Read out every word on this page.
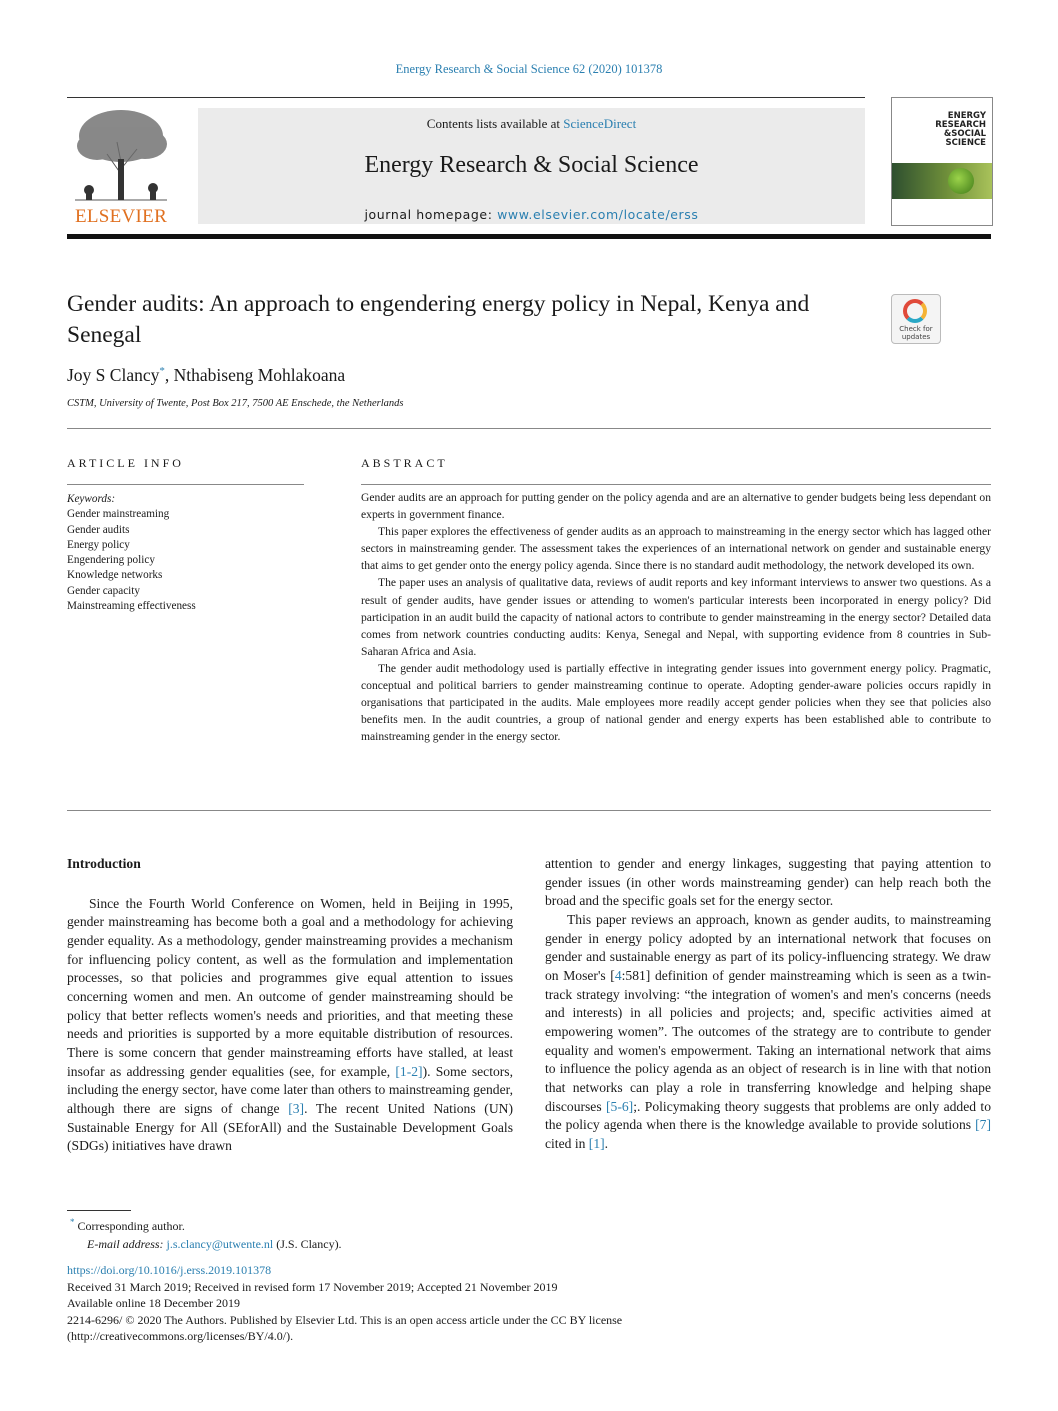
Energy Research & Social Science 62 (2020) 101378
ELSEVIER
Contents lists available at ScienceDirect
Energy Research & Social Science
journal homepage: www.elsevier.com/locate/erss
ENERGY
RESEARCH
&SOCIAL
SCIENCE
Gender audits: An approach to engendering energy policy in Nepal, Kenya and Senegal	Check for
updates
Joy S Clancy*, Nthabiseng Mohlakoana
CSTM, University of Twente, Post Box 217, 7500 AE Enschede, the Netherlands
ARTICLE INFO
Keywords:
Gender mainstreaming
Gender audits
Energy policy
Engendering policy
Knowledge networks
Gender capacity
Mainstreaming effectiveness
ABSTRACT

Gender audits are an approach for putting gender on the policy agenda and are an alternative to gender budgets being less dependant on experts in government finance.

This paper explores the effectiveness of gender audits as an approach to mainstreaming in the energy sector which has lagged other sectors in mainstreaming gender. The assessment takes the experiences of an international network on gender and sustainable energy that aims to get gender onto the energy policy agenda. Since there is no standard audit methodology, the network developed its own.

The paper uses an analysis of qualitative data, reviews of audit reports and key informant interviews to answer two questions. As a result of gender audits, have gender issues or attending to women's particular interests been incorporated in energy policy? Did participation in an audit build the capacity of national actors to contribute to gender mainstreaming in the energy sector? Detailed data comes from network countries conducting audits: Kenya, Senegal and Nepal, with supporting evidence from 8 countries in Sub-Saharan Africa and Asia.

The gender audit methodology used is partially effective in integrating gender issues into government energy policy. Pragmatic, conceptual and political barriers to gender mainstreaming continue to operate. Adopting gender-aware policies occurs rapidly in organisations that participated in the audits. Male employees more readily accept gender policies when they see that policies also benefits men. In the audit countries, a group of national gender and energy experts has been established able to contribute to mainstreaming gender in the energy sector.

Introduction

Since the Fourth World Conference on Women, held in Beijing in 1995, gender mainstreaming has become both a goal and a methodology for achieving gender equality. As a methodology, gender mainstreaming provides a mechanism for influencing policy content, as well as the formulation and implementation processes, so that policies and programmes give equal attention to issues concerning women and men. An outcome of gender mainstreaming should be policy that better reflects women's needs and priorities, and that meeting these needs and priorities is supported by a more equitable distribution of resources. There is some concern that gender mainstreaming efforts have stalled, at least insofar as addressing gender equalities (see, for example, [1-2]). Some sectors, including the energy sector, have come later than others to mainstreaming gender, although there are signs of change [3]. The recent United Nations (UN) Sustainable Energy for All (SEforAll) and the Sustainable Development Goals (SDGs) initiatives have drawn

attention to gender and energy linkages, suggesting that paying attention to gender issues (in other words mainstreaming gender) can help reach both the broad and the specific goals set for the energy sector.

This paper reviews an approach, known as gender audits, to mainstreaming gender in energy policy adopted by an international network that focuses on gender and sustainable energy as part of its policy-influencing strategy. We draw on Moser's [4:581] definition of gender mainstreaming which is seen as a twin-track strategy involving: “the integration of women's and men's concerns (needs and interests) in all policies and projects; and, specific activities aimed at empowering women”. The outcomes of the strategy are to contribute to gender equality and women's empowerment. Taking an international network that aims to influence the policy agenda as an object of research is in line with that notion that networks can play a role in transferring knowledge and helping shape discourses [5-6];. Policymaking theory suggests that problems are only added to the policy agenda when there is the knowledge available to provide solutions [7] cited in [1].

* Corresponding author.
E-mail address: j.s.clancy@utwente.nl (J.S. Clancy).
https://doi.org/10.1016/j.erss.2019.101378
Received 31 March 2019; Received in revised form 17 November 2019; Accepted 21 November 2019
Available online 18 December 2019
2214-6296/ © 2020 The Authors. Published by Elsevier Ltd. This is an open access article under the CC BY license
(http://creativecommons.org/licenses/BY/4.0/).
